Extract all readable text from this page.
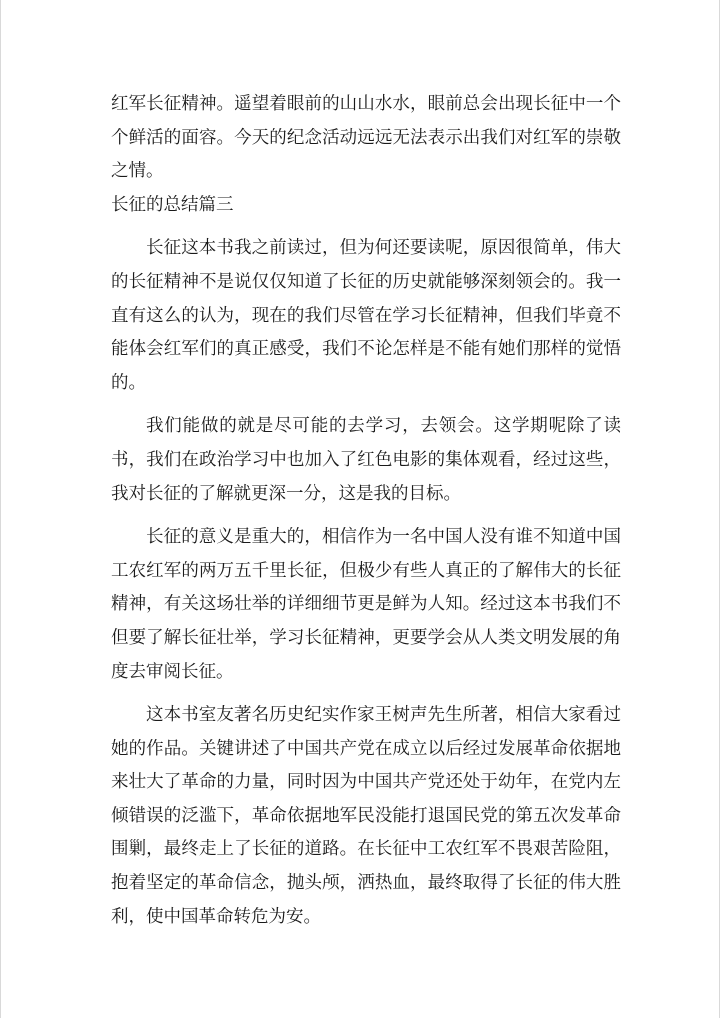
红军长征精神。遥望着眼前的山山水水，眼前总会出现长征中一个个鲜活的面容。今天的纪念活动远远无法表示出我们对红军的崇敬之情。

长征的总结篇三

长征这本书我之前读过，但为何还要读呢，原因很简单，伟大的长征精神不是说仅仅知道了长征的历史就能够深刻领会的。我一直有这么的认为，现在的我们尽管在学习长征精神，但我们毕竟不能体会红军们的真正感受，我们不论怎样是不能有她们那样的觉悟的。

我们能做的就是尽可能的去学习，去领会。这学期呢除了读书，我们在政治学习中也加入了红色电影的集体观看，经过这些，我对长征的了解就更深一分，这是我的目标。

长征的意义是重大的，相信作为一名中国人没有谁不知道中国工农红军的两万五千里长征，但极少有些人真正的了解伟大的长征精神，有关这场壮举的详细细节更是鲜为人知。经过这本书我们不但要了解长征壮举，学习长征精神，更要学会从人类文明发展的角度去审阅长征。

这本书室友著名历史纪实作家王树声先生所著，相信大家看过她的作品。关键讲述了中国共产党在成立以后经过发展革命依据地来壮大了革命的力量，同时因为中国共产党还处于幼年，在党内左倾错误的泛滥下，革命依据地军民没能打退国民党的第五次发革命围剿，最终走上了长征的道路。在长征中工农红军不畏艰苦险阻，抱着坚定的革命信念，抛头颅，洒热血，最终取得了长征的伟大胜利，使中国革命转危为安。
